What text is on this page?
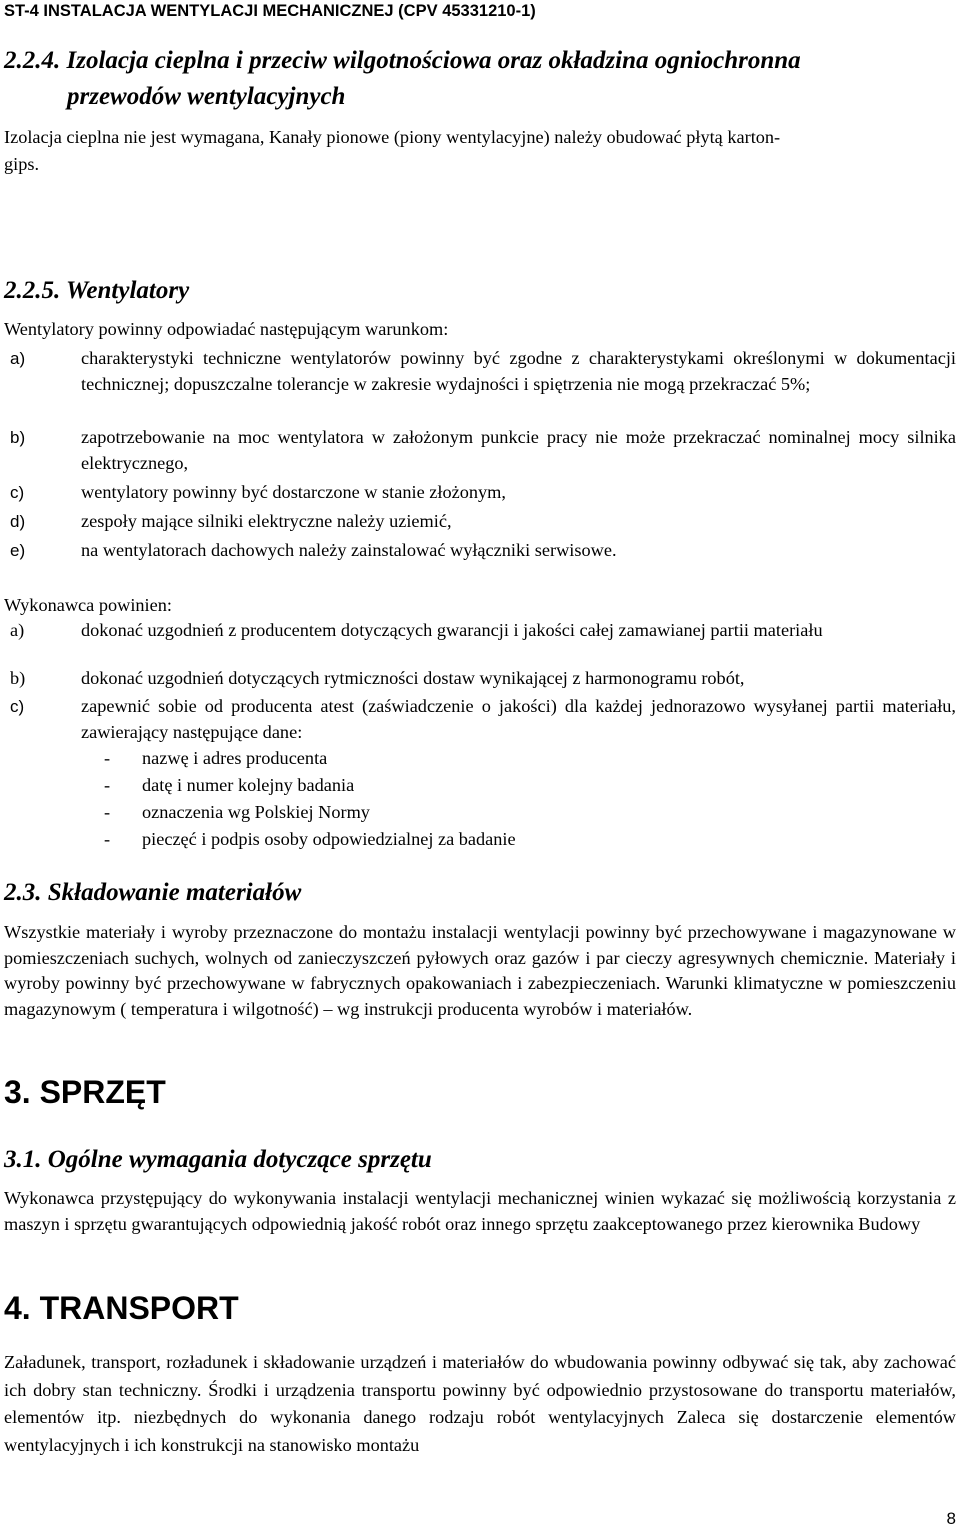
ST-4 INSTALACJA WENTYLACJI MECHANICZNEJ (CPV 45331210-1)
2.2.4. Izolacja cieplna i przeciw wilgotnościowa oraz okładzina ogniochronna
przewodów wentylacyjnych
Izolacja cieplna nie jest wymagana, Kanały pionowe (piony wentylacyjne) należy obudować płytą karton-
gips.
2.2.5. Wentylatory
Wentylatory powinny odpowiadać następującym warunkom:
a)	charakterystyki techniczne wentylatorów powinny być zgodne z charakterystykami określonymi w dokumentacji technicznej; dopuszczalne tolerancje w zakresie wydajności i spiętrzenia nie mogą przekraczać 5%;
b)	zapotrzebowanie na moc wentylatora w założonym punkcie pracy nie może przekraczać nominalnej mocy silnika elektrycznego,
c)	wentylatory powinny być dostarczone w stanie złożonym,
d)	zespoły mające silniki elektryczne należy uziemić,
e)	na wentylatorach dachowych należy zainstalować wyłączniki serwisowe.
Wykonawca powinien:
a)	dokonać uzgodnień z producentem dotyczących gwarancji i jakości całej zamawianej partii materiału
b)	dokonać uzgodnień dotyczących rytmiczności dostaw wynikającej z harmonogramu robót,
c)	zapewnić sobie od producenta atest (zaświadczenie o jakości) dla każdej jednorazowo wysyłanej partii materiału, zawierający następujące dane:
- nazwę i adres producenta
- datę i numer kolejny badania
- oznaczenia wg Polskiej Normy
- pieczęć i podpis osoby odpowiedzialnej za badanie
2.3. Składowanie materiałów
Wszystkie materiały i wyroby przeznaczone do montażu instalacji wentylacji powinny być przechowywane i magazynowane w pomieszczeniach suchych, wolnych od zanieczyszczeń pyłowych oraz gazów i par cieczy agresywnych chemicznie. Materiały i wyroby powinny być przechowywane w fabrycznych opakowaniach i zabezpieczeniach. Warunki klimatyczne w pomieszczeniu magazynowym ( temperatura i wilgotność) – wg instrukcji producenta wyrobów i materiałów.
3. SPRZĘT
3.1. Ogólne wymagania dotyczące sprzętu
Wykonawca przystępujący do wykonywania instalacji wentylacji mechanicznej winien wykazać się możliwością korzystania z maszyn i sprzętu gwarantujących odpowiednią jakość robót oraz innego sprzętu zaakceptowanego przez kierownika Budowy
4. TRANSPORT
Załadunek, transport, rozładunek i składowanie urządzeń i materiałów do wbudowania powinny odbywać się tak, aby zachować ich dobry stan techniczny. Środki i urządzenia transportu powinny być odpowiednio przystosowane do transportu materiałów, elementów itp. niezbędnych do wykonania danego rodzaju robót wentylacyjnych Zaleca się dostarczenie elementów wentylacyjnych i ich konstrukcji na stanowisko montażu
8
